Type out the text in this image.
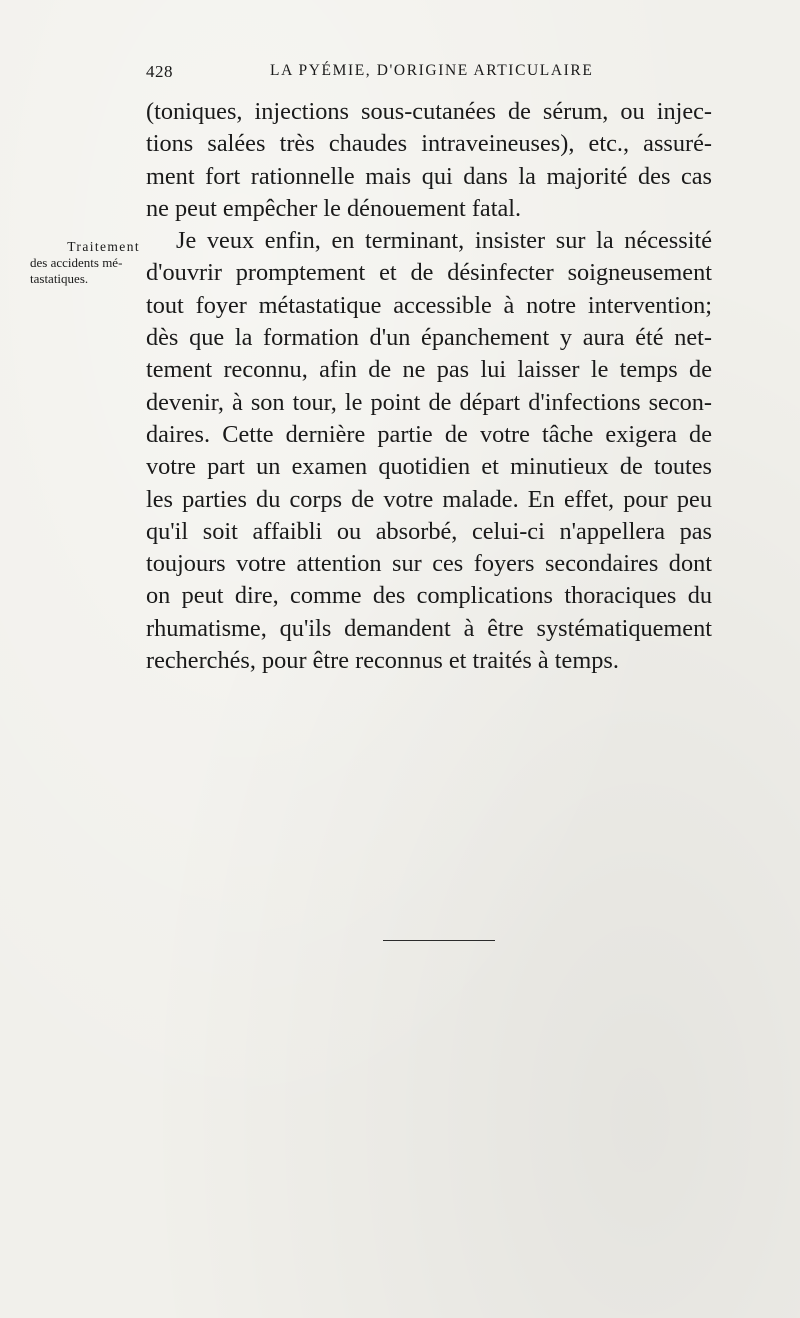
428	LA PYÉMIE, D'ORIGINE ARTICULAIRE
Traitement
des accidents mé-
tastatiques.
(toniques, injections sous-cutanées de sérum, ou injec-
tions salées très chaudes intraveineuses), etc., assuré-
ment fort rationnelle mais qui dans la majorité des cas
ne peut empêcher le dénouement fatal.
Je veux enfin, en terminant, insister sur la nécessité
d'ouvrir promptement et de désinfecter soigneusement
tout foyer métastatique accessible à notre intervention;
dès que la formation d'un épanchement y aura été net-
tement reconnu, afin de ne pas lui laisser le temps de
devenir, à son tour, le point de départ d'infections secon-
daires. Cette dernière partie de votre tâche exigera de
votre part un examen quotidien et minutieux de toutes
les parties du corps de votre malade. En effet, pour peu
qu'il soit affaibli ou absorbé, celui-ci n'appellera pas
toujours votre attention sur ces foyers secondaires dont
on peut dire, comme des complications thoraciques du
rhumatisme, qu'ils demandent à être systématiquement
recherchés, pour être reconnus et traités à temps.
